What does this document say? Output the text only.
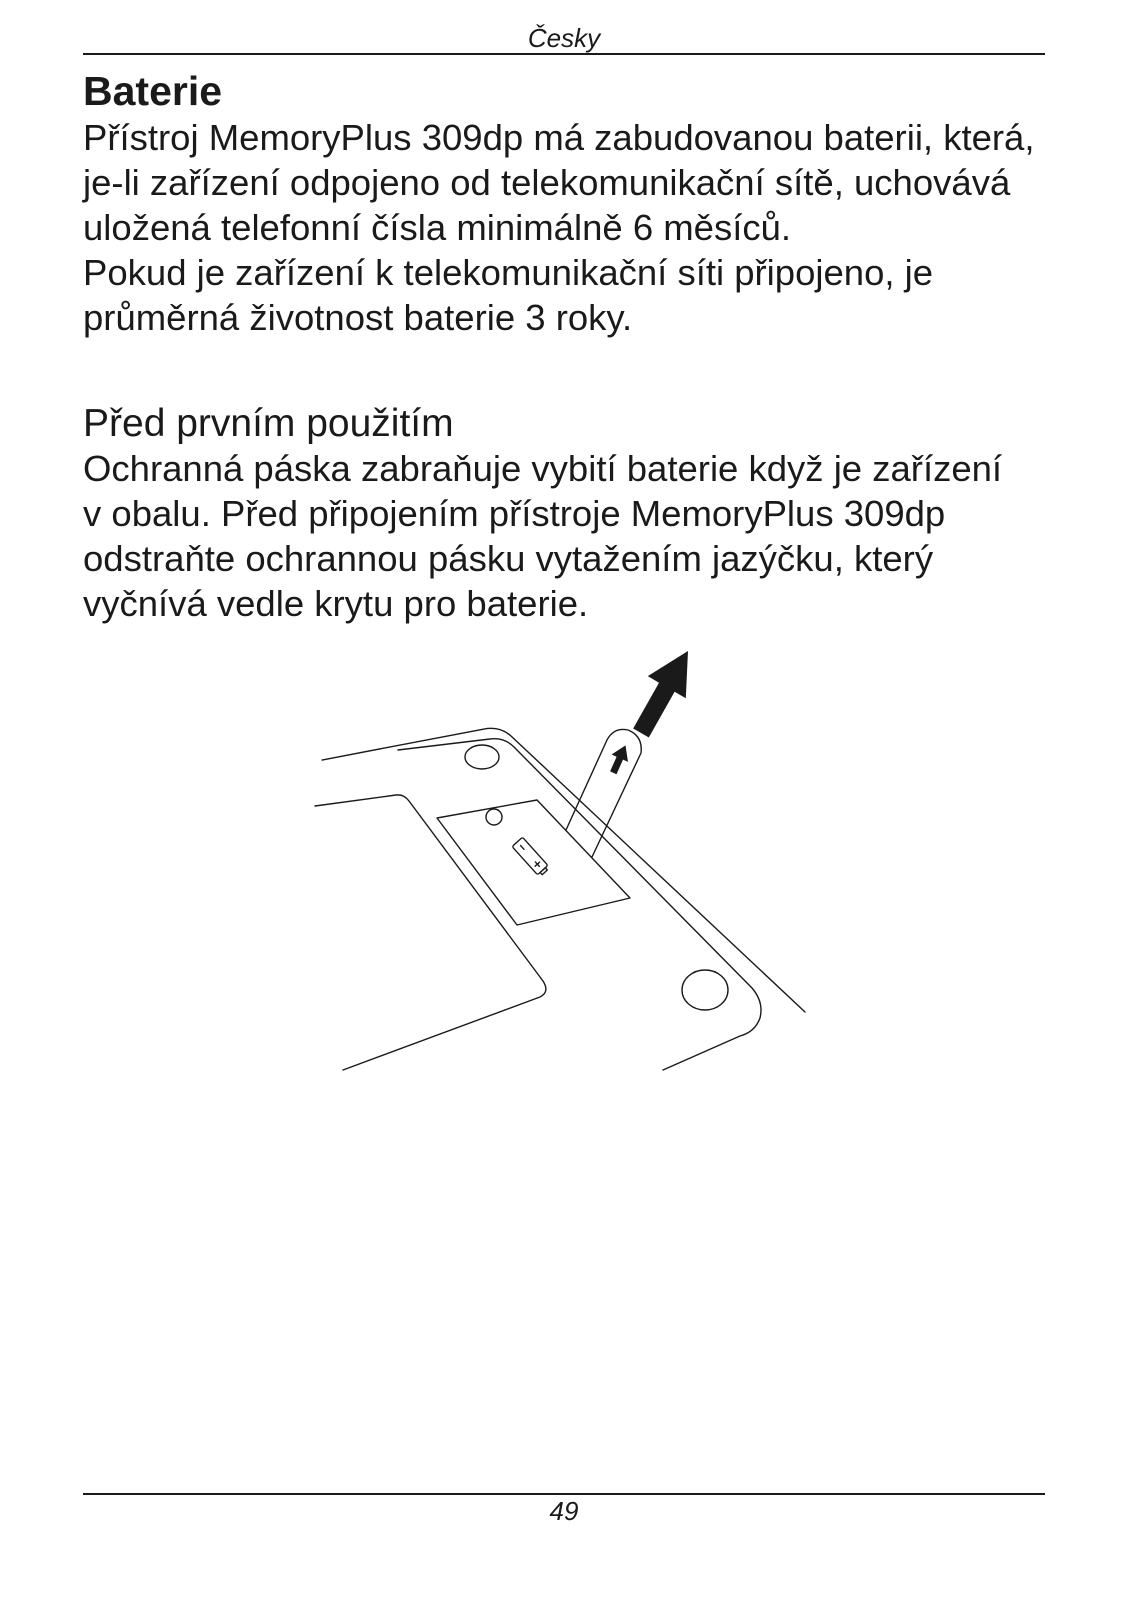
Česky
Baterie
Přístroj MemoryPlus 309dp má zabudovanou baterii, která,
je-li zařízení odpojeno od telekomunikační sítě, uchovává
uložená telefonní čísla minimálně 6 měsíců.
Pokud je zařízení k telekomunikační síti připojeno, je
průměrná životnost baterie 3 roky.
Před prvním použitím
Ochranná páska zabraňuje vybití baterie když je zařízení
v obalu. Před připojením přístroje MemoryPlus 309dp
odstraňte ochrannou pásku vytažením jazýčku, který
vyčnívá vedle krytu pro baterie.
49
